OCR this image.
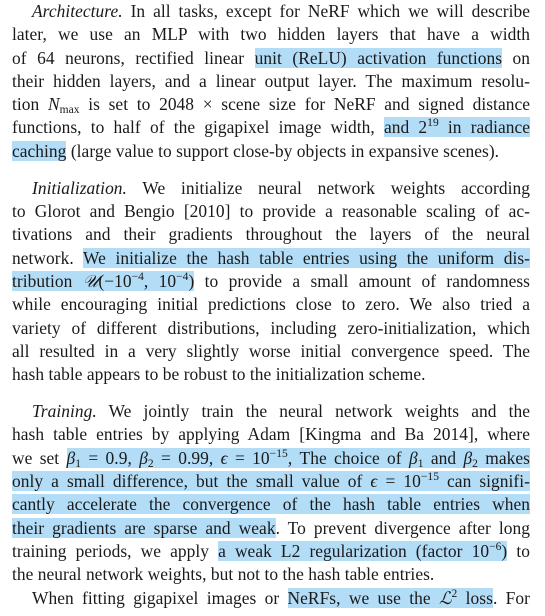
Architecture. In all tasks, except for NeRF which we will describe
later, we use an MLP with two hidden layers that have a width
of 64 neurons, rectified linear unit (ReLU) activation functions on
their hidden layers, and a linear output layer. The maximum resolu-
tion $N_{max}$ is set to 2048 × scene size for NeRF and signed distance
functions, to half of the gigapixel image width, and $2^{19}$ in radiance
caching (large value to support close-by objects in expansive scenes).
Initialization. We initialize neural network weights according
to Glorot and Bengio [2010] to provide a reasonable scaling of ac-
tivations and their gradients throughout the layers of the neural
network. We initialize the hash table entries using the uniform dis-
tribution $𝒰(-10^{-4}$, $10^{-4}$) to provide a small amount of randomness
while encouraging initial predictions close to zero. We also tried a
variety of different distributions, including zero-initialization, which
all resulted in a very slightly worse initial convergence speed. The
hash table appears to be robust to the initialization scheme.
Training. We jointly train the neural network weights and the
hash table entries by applying Adam [Kingma and Ba 2014], where
we set $\beta_1 = 0.9$, $\beta_2 = 0.99$, $\epsilon = 10^{-15}$, The choice of $\beta_1$ and $\beta_2$ makes
only a small difference, but the small value of $\epsilon = 10^{-15}$ can signifi-
cantly accelerate the convergence of the hash table entries when
their gradients are sparse and weak. To prevent divergence after long
training periods, we apply a weak L2 regularization (factor $10^{-6}$) to
the neural network weights, but not to the hash table entries.
When fitting gigapixel images or NeRFs, we use the ℒ$^2$ loss. For
